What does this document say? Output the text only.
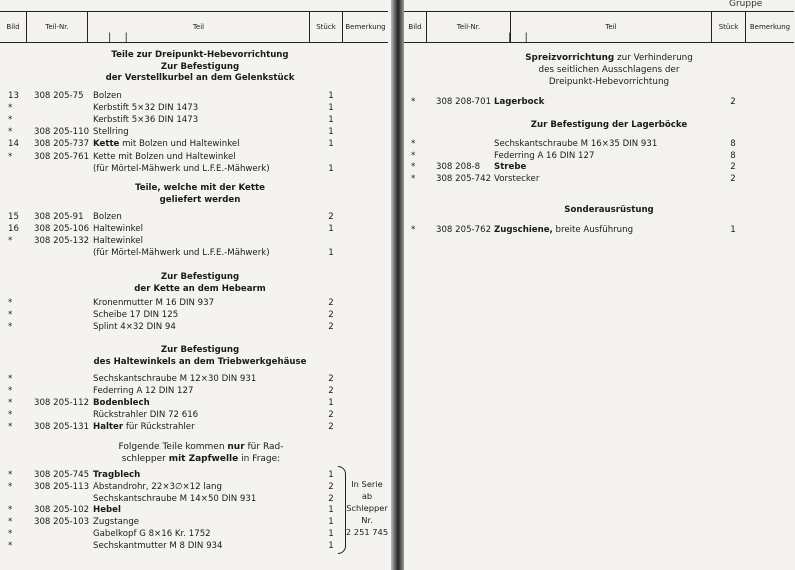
Bild	Teil-Nr.	Teil	Stück	Bemerkung
| |
Teile zur Dreipunkt-Hebevorrichtung
Zur Befestigung
der Verstellkurbel an dem Gelenkstück
13 308 205-75 Bolzen	1
*	Kerbstift 5×32 DIN 1473	1
*	Kerbstift 5×36 DIN 1473	1
*	308 205-110 Stellring	1
14 308 205-737 Kette mit Bolzen und Haltewinkel	1
*	308 205-761 Kette mit Bolzen und Haltewinkel
(für Mörtel-Mähwerk und L.F.E.-Mähwerk)	1
Teile, welche mit der Kette
geliefert werden
15 308 205-91 Bolzen	2
16 308 205-106 Haltewinkel	1
*	308 205-132 Haltewinkel
(für Mörtel-Mähwerk und L.F.E.-Mähwerk)	1
Zur Befestigung
der Kette an dem Hebearm
*	Kronenmutter M 16 DIN 937	2
*	Scheibe 17 DIN 125	2
*	Splint 4×32 DIN 94	2
Zur Befestigung
des Haltewinkels an dem Triebwerkgehäuse
*	Sechskantschraube M 12×30 DIN 931	2
*	Federring A 12 DIN 127	2
*	308 205-112 Bodenblech	1
*	Rückstrahler DIN 72 616	2
*	308 205-131 Halter für Rückstrahler	2
Folgende Teile kommen nur für Rad-
schlepper mit Zapfwelle in Frage:
*	308 205-745 Tragblech	1
*	308 205-113 Abstandrohr, 22×3∅×12 lang	2
Sechskantschraube M 14×50 DIN 931	2
*	308 205-102 Hebel	1
*	308 205-103 Zugstange	1
*	Gabelkopf G 8×16 Kr. 1752	1
*	Sechskantmutter M 8 DIN 934	1
In Serie
ab
Schlepper
Nr.
2 251 745
Gruppe
Bild	Teil-Nr.	Teil	Stück	Bemerkung
| |
Spreizvorrichtung zur Verhinderung
des seitlichen Ausschlagens der
Dreipunkt-Hebevorrichtung
* 308 208-701 Lagerbock	2
Zur Befestigung der Lagerböcke
*	Sechskantschraube M 16×35 DIN 931	8
*	Federring A 16 DIN 127	8
* 308 208-8 Strebe	2
* 308 205-742 Vorstecker	2
Sonderausrüstung
* 308 205-762 Zugschiene, breite Ausführung	1
